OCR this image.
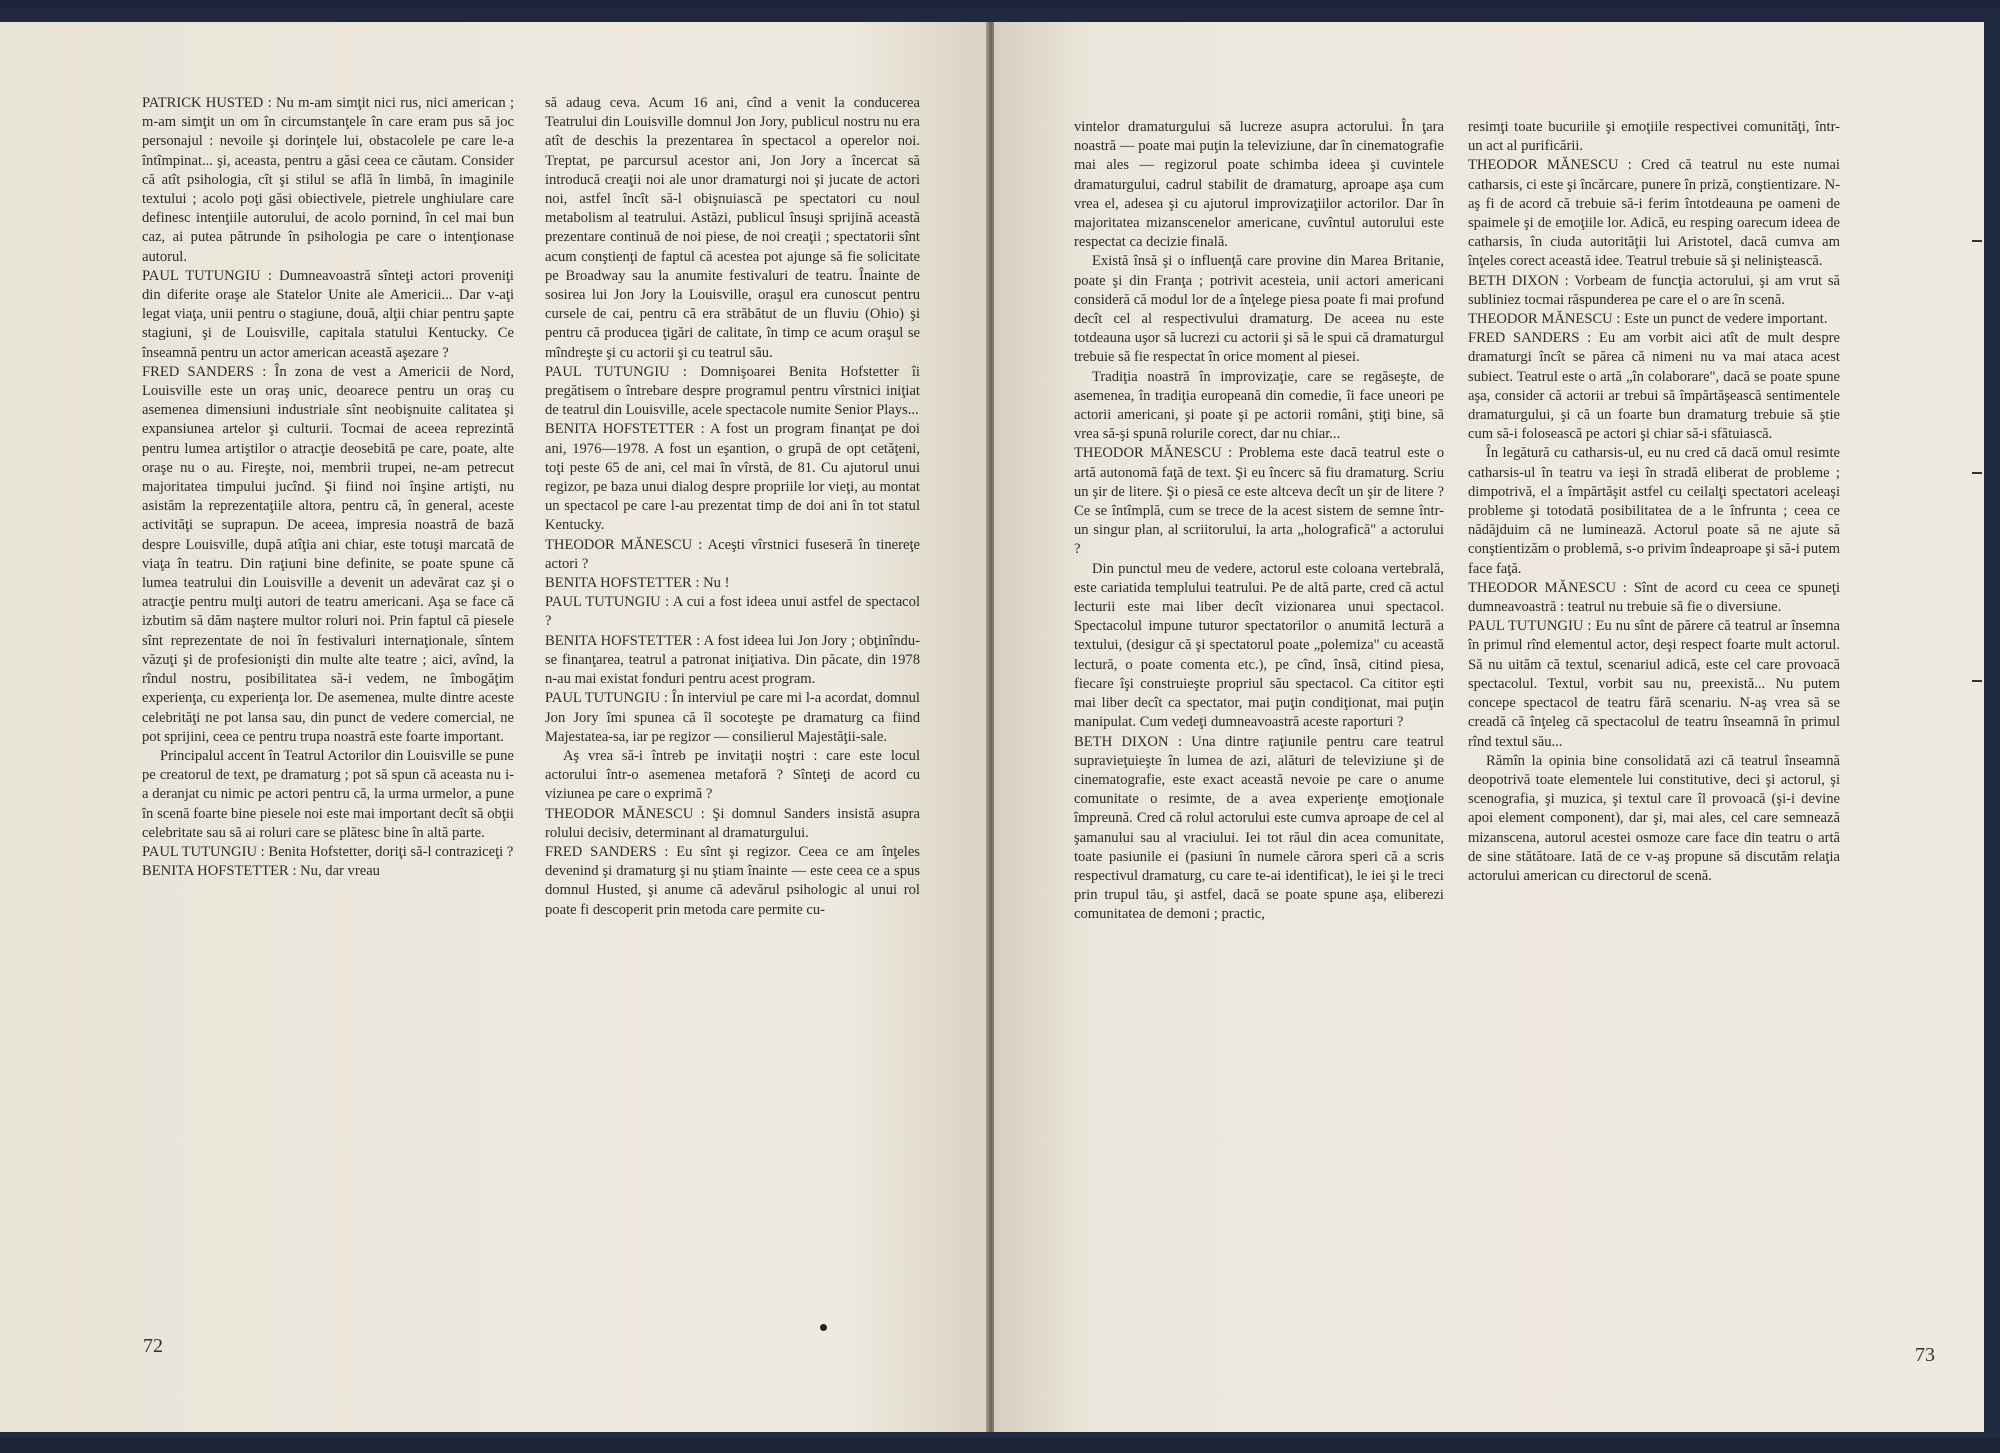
PATRICK HUSTED : Nu m-am simţit nici rus, nici american ; m-am simţit un om în circumstanţele în care eram pus să joc personajul : nevoile şi dorinţele lui, obstacolele pe care le-a întîmpinat... şi, aceasta, pentru a găsi ceea ce căutam. Consider că atît psihologia, cît şi stilul se află în limbă, în imaginile textului ; acolo poţi găsi obiectivele, pietrele unghiulare care definesc intenţiile autorului, de acolo pornind, în cel mai bun caz, ai putea pătrunde în psihologia pe care o intenţionase autorul.

PAUL TUTUNGIU : Dumneavoastră sînteţi actori proveniţi din diferite oraşe ale Statelor Unite ale Americii... Dar v-aţi legat viaţa, unii pentru o stagiune, două, alţii chiar pentru şapte stagiuni, şi de Louisville, capitala statului Kentucky. Ce înseamnă pentru un actor american această aşezare ?

FRED SANDERS : În zona de vest a Americii de Nord, Louisville este un oraş unic, deoarece pentru un oraş cu asemenea dimensiuni industriale sînt neobişnuite calitatea şi expansiunea artelor şi culturii. Tocmai de aceea reprezintă pentru lumea artiştilor o atracţie deosebită pe care, poate, alte oraşe nu o au. Fireşte, noi, membrii trupei, ne-am petrecut majoritatea timpului jucînd. Şi fiind noi înşine artişti, nu asistăm la reprezentaţiile altora, pentru că, în general, aceste activităţi se suprapun. De aceea, impresia noastră de bază despre Louisville, după atîţia ani chiar, este totuşi marcată de viaţa în teatru. Din raţiuni bine definite, se poate spune că lumea teatrului din Louisville a devenit un adevărat caz şi o atracţie pentru mulţi autori de teatru americani. Aşa se face că izbutim să dăm naştere multor roluri noi. Prin faptul că piesele sînt reprezentate de noi în festivaluri internaţionale, sîntem văzuţi şi de profesionişti din multe alte teatre ; aici, avînd, la rîndul nostru, posibilitatea să-i vedem, ne îmbogăţim experienţa, cu experienţa lor. De asemenea, multe dintre aceste celebrităţi ne pot lansa sau, din punct de vedere comercial, ne pot sprijini, ceea ce pentru trupa noastră este foarte important.

Principalul accent în Teatrul Actorilor din Louisville se pune pe creatorul de text, pe dramaturg ; pot să spun că aceasta nu i-a deranjat cu nimic pe actori pentru că, la urma urmelor, a pune în scenă foarte bine piesele noi este mai important decît să obţii celebritate sau să ai roluri care se plătesc bine în altă parte.

PAUL TUTUNGIU : Benita Hofstetter, doriţi să-l contraziceţi ?

BENITA HOFSTETTER : Nu, dar vreau

să adaug ceva. Acum 16 ani, cînd a venit la conducerea Teatrului din Louisville domnul Jon Jory, publicul nostru nu era atît de deschis la prezentarea în spectacol a operelor noi. Treptat, pe parcursul acestor ani, Jon Jory a încercat să introducă creaţii noi ale unor dramaturgi noi şi jucate de actori noi, astfel încît să-l obişnuiască pe spectatori cu noul metabolism al teatrului. Astăzi, publicul însuşi sprijină această prezentare continuă de noi piese, de noi creaţii ; spectatorii sînt acum conştienţi de faptul că acestea pot ajunge să fie solicitate pe Broadway sau la anumite festivaluri de teatru. Înainte de sosirea lui Jon Jory la Louisville, oraşul era cunoscut pentru cursele de cai, pentru că era străbătut de un fluviu (Ohio) şi pentru că producea ţigări de calitate, în timp ce acum oraşul se mîndreşte şi cu actorii şi cu teatrul său.

PAUL TUTUNGIU : Domnişoarei Benita Hofstetter îi pregătisem o întrebare despre programul pentru vîrstnici iniţiat de teatrul din Louisville, acele spectacole numite Senior Plays...

BENITA HOFSTETTER : A fost un program finanţat pe doi ani, 1976—1978. A fost un eşantion, o grupă de opt cetăţeni, toţi peste 65 de ani, cel mai în vîrstă, de 81. Cu ajutorul unui regizor, pe baza unui dialog despre propriile lor vieţi, au montat un spectacol pe care l-au prezentat timp de doi ani în tot statul Kentucky.

THEODOR MĂNESCU : Aceşti vîrstnici fuseseră în tinereţe actori ?

BENITA HOFSTETTER : Nu !

PAUL TUTUNGIU : A cui a fost ideea unui astfel de spectacol ?

BENITA HOFSTETTER : A fost ideea lui Jon Jory ; obţinîndu-se finanţarea, teatrul a patronat iniţiativa. Din păcate, din 1978 n-au mai existat fonduri pentru acest program.

PAUL TUTUNGIU : În interviul pe care mi l-a acordat, domnul Jon Jory îmi spunea că îl socoteşte pe dramaturg ca fiind Majestatea-sa, iar pe regizor — consilierul Majestăţii-sale.

Aş vrea să-i întreb pe invitaţii noştri : care este locul actorului într-o asemenea metaforă ? Sînteţi de acord cu viziunea pe care o exprimă ?

THEODOR MĂNESCU : Şi domnul Sanders insistă asupra rolului decisiv, determinant al dramaturgului.

FRED SANDERS : Eu sînt şi regizor. Ceea ce am înţeles devenind şi dramaturg şi nu ştiam înainte — este ceea ce a spus domnul Husted, şi anume că adevărul psihologic al unui rol poate fi descoperit prin metoda care permite cu-

72

vintelor dramaturgului să lucreze asupra actorului. În ţara noastră — poate mai puţin la televiziune, dar în cinematografie mai ales — regizorul poate schimba ideea şi cuvintele dramaturgului, cadrul stabilit de dramaturg, aproape aşa cum vrea el, adesea şi cu ajutorul improvizaţiilor actorilor. Dar în majoritatea mizanscenelor americane, cuvîntul autorului este respectat ca decizie finală.

Există însă şi o influenţă care provine din Marea Britanie, poate şi din Franţa ; potrivit acesteia, unii actori americani consideră că modul lor de a înţelege piesa poate fi mai profund decît cel al respectivului dramaturg. De aceea nu este totdeauna uşor să lucrezi cu actorii şi să le spui că dramaturgul trebuie să fie respectat în orice moment al piesei.

Tradiţia noastră în improvizaţie, care se regăseşte, de asemenea, în tradiţia europeană din comedie, îi face uneori pe actorii americani, şi poate şi pe actorii români, ştiţi bine, să vrea să-şi spună rolurile corect, dar nu chiar...

THEODOR MĂNESCU : Problema este dacă teatrul este o artă autonomă faţă de text. Şi eu încerc să fiu dramaturg. Scriu un şir de litere. Şi o piesă ce este altceva decît un şir de litere ? Ce se întîmplă, cum se trece de la acest sistem de semne într-un singur plan, al scriitorului, la arta „holografică" a actorului ?

Din punctul meu de vedere, actorul este coloana vertebrală, este cariatida templului teatrului. Pe de altă parte, cred că actul lecturii este mai liber decît vizionarea unui spectacol. Spectacolul impune tuturor spectatorilor o anumită lectură a textului, (desigur că şi spectatorul poate „polemiza" cu această lectură, o poate comenta etc.), pe cînd, însă, citind piesa, fiecare îşi construieşte propriul său spectacol. Ca cititor eşti mai liber decît ca spectator, mai puţin condiţionat, mai puţin manipulat. Cum vedeţi dumneavoastră aceste raporturi ?

BETH DIXON : Una dintre raţiunile pentru care teatrul supravieţuieşte în lumea de azi, alături de televiziune şi de cinematografie, este exact această nevoie pe care o anume comunitate o resimte, de a avea experienţe emoţionale împreună. Cred că rolul actorului este cumva aproape de cel al şamanului sau al vraciului. Iei tot răul din acea comunitate, toate pasiunile ei (pasiuni în numele cărora speri că a scris respectivul dramaturg, cu care te-ai identificat), le iei şi le treci prin trupul tău, şi astfel, dacă se poate spune aşa, eliberezi comunitatea de demoni ; practic,

resimţi toate bucuriile şi emoţiile respectivei comunităţi, într-un act al purificării.

THEODOR MĂNESCU : Cred că teatrul nu este numai catharsis, ci este şi încărcare, punere în priză, conştientizare. N-aş fi de acord că trebuie să-i ferim întotdeauna pe oameni de spaimele şi de emoţiile lor. Adică, eu resping oarecum ideea de catharsis, în ciuda autorităţii lui Aristotel, dacă cumva am înţeles corect această idee. Teatrul trebuie să şi neliniştească.

BETH DIXON : Vorbeam de funcţia actorului, şi am vrut să subliniez tocmai răspunderea pe care el o are în scenă.

THEODOR MĂNESCU : Este un punct de vedere important.

FRED SANDERS : Eu am vorbit aici atît de mult despre dramaturgi încît se părea că nimeni nu va mai ataca acest subiect. Teatrul este o artă „în colaborare", dacă se poate spune aşa, consider că actorii ar trebui să împărtăşească sentimentele dramaturgului, şi că un foarte bun dramaturg trebuie să ştie cum să-i folosească pe actori şi chiar să-i sfătuiască.

În legătură cu catharsis-ul, eu nu cred că dacă omul resimte catharsis-ul în teatru va ieşi în stradă eliberat de probleme ; dimpotrivă, el a împărtăşit astfel cu ceilalţi spectatori aceleaşi probleme şi totodată posibilitatea de a le înfrunta ; ceea ce nădăjduim că ne luminează. Actorul poate să ne ajute să conştientizăm o problemă, s-o privim îndeaproape şi să-i putem face faţă.

THEODOR MĂNESCU : Sînt de acord cu ceea ce spuneţi dumneavoastră : teatrul nu trebuie să fie o diversiune.

PAUL TUTUNGIU : Eu nu sînt de părere că teatrul ar însemna în primul rînd elementul actor, deşi respect foarte mult actorul. Să nu uităm că textul, scenariul adică, este cel care provoacă spectacolul. Textul, vorbit sau nu, preexistă... Nu putem concepe spectacol de teatru fără scenariu. N-aş vrea să se creadă că înţeleg că spectacolul de teatru înseamnă în primul rînd textul său...

Rămîn la opinia bine consolidată azi că teatrul înseamnă deopotrivă toate elementele lui constitutive, deci şi actorul, şi scenografia, şi muzica, şi textul care îl provoacă (şi-i devine apoi element component), dar şi, mai ales, cel care semnează mizanscena, autorul acestei osmoze care face din teatru o artă de sine stătătoare. Iată de ce v-aş propune să discutăm relaţia actorului american cu directorul de scenă.

73
